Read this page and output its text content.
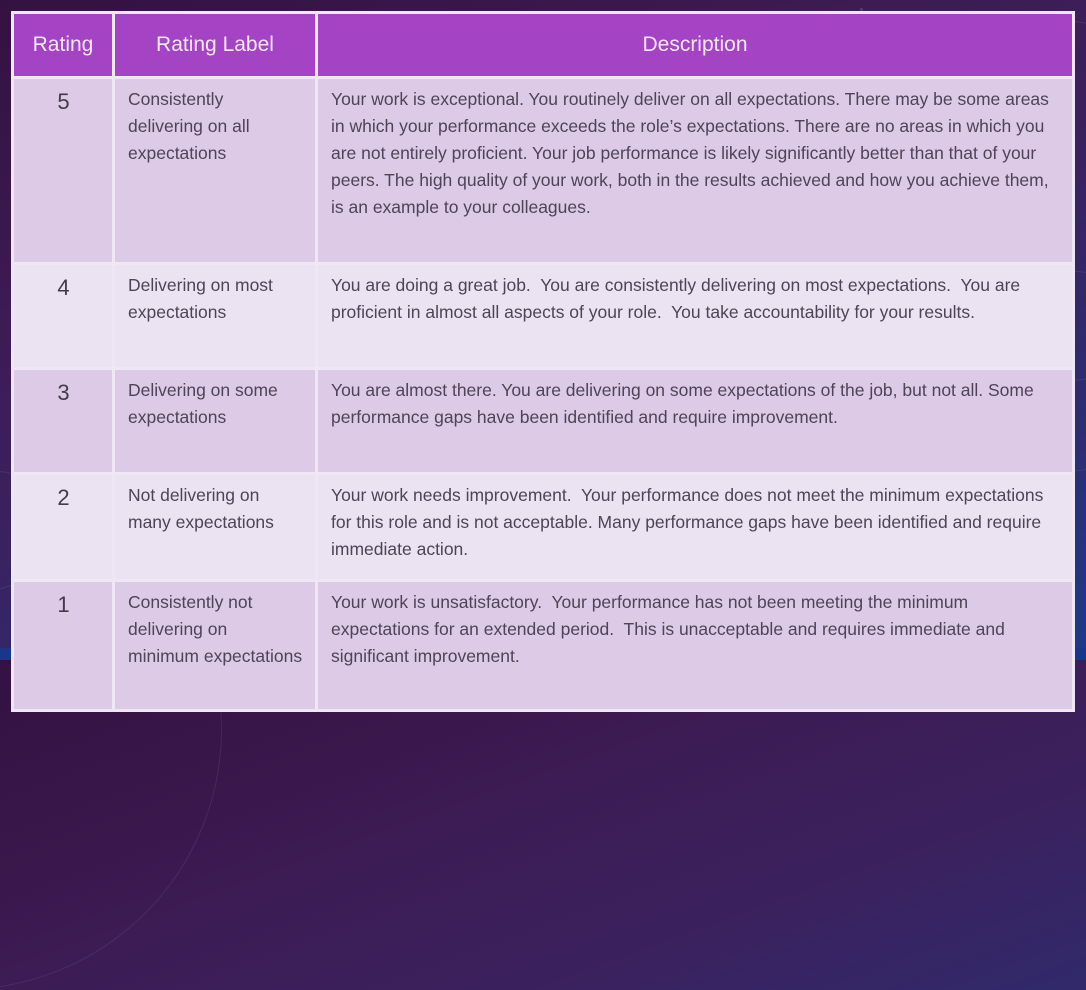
Rating	Rating Label	Description
5	Consistently delivering on all expectations	Your work is exceptional. You routinely deliver on all expectations. There may be some areas in which your performance exceeds the role’s expectations. There are no areas in which you are not entirely proficient. Your job performance is likely significantly better than that of your peers. The high quality of your work, both in the results achieved and how you achieve them, is an example to your colleagues.
4	Delivering on most expectations	You are doing a great job.  You are consistently delivering on most expectations.  You are proficient in almost all aspects of your role.  You take accountability for your results.
3	Delivering on some expectations	You are almost there. You are delivering on some expectations of the job, but not all. Some performance gaps have been identified and require improvement.
2	Not delivering on many expectations	Your work needs improvement.  Your performance does not meet the minimum expectations for this role and is not acceptable. Many performance gaps have been identified and require immediate action.
1	Consistently not delivering on minimum expectations	Your work is unsatisfactory.  Your performance has not been meeting the minimum expectations for an extended period.  This is unacceptable and requires immediate and significant improvement.
